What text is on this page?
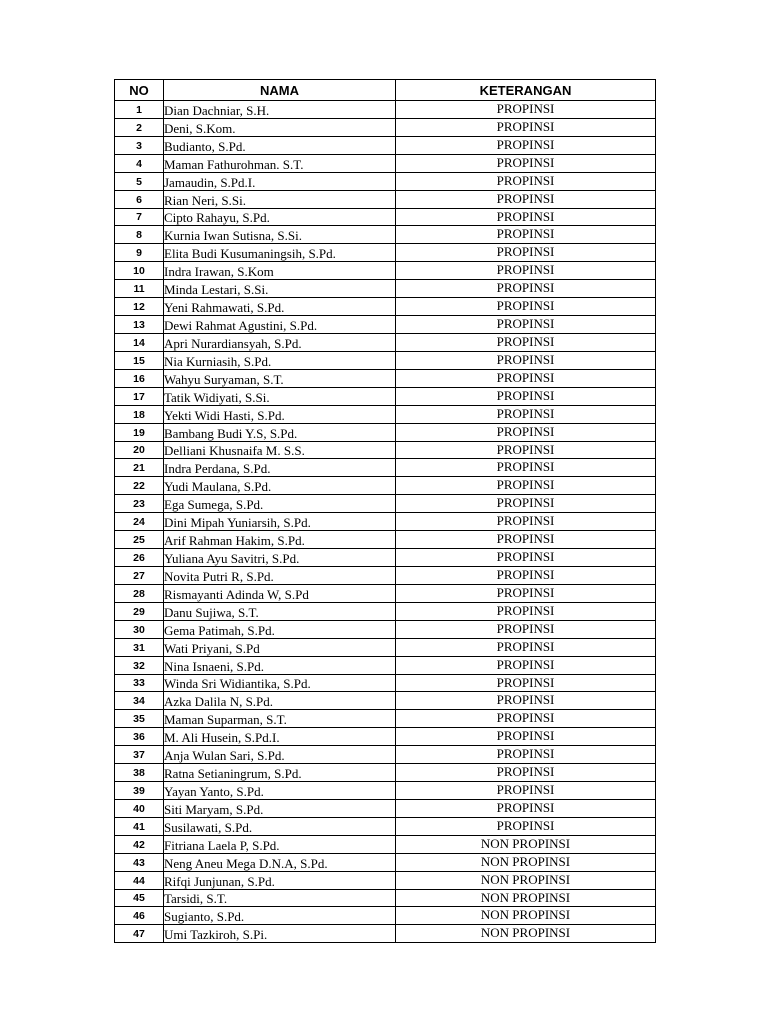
NO	NAMA	KETERANGAN
1	Dian Dachniar, S.H.	PROPINSI
2	Deni, S.Kom.	PROPINSI
3	Budianto, S.Pd.	PROPINSI
4	Maman Fathurohman. S.T.	PROPINSI
5	Jamaudin, S.Pd.I.	PROPINSI
6	Rian Neri, S.Si.	PROPINSI
7	Cipto Rahayu, S.Pd.	PROPINSI
8	Kurnia Iwan Sutisna, S.Si.	PROPINSI
9	Elita Budi Kusumaningsih, S.Pd.	PROPINSI
10	Indra Irawan, S.Kom	PROPINSI
11	Minda Lestari, S.Si.	PROPINSI
12	Yeni Rahmawati, S.Pd.	PROPINSI
13	Dewi Rahmat Agustini, S.Pd.	PROPINSI
14	Apri Nurardiansyah, S.Pd.	PROPINSI
15	Nia Kurniasih, S.Pd.	PROPINSI
16	Wahyu Suryaman, S.T.	PROPINSI
17	Tatik Widiyati, S.Si.	PROPINSI
18	Yekti Widi Hasti, S.Pd.	PROPINSI
19	Bambang Budi Y.S, S.Pd.	PROPINSI
20	Delliani Khusnaifa M. S.S.	PROPINSI
21	Indra Perdana, S.Pd.	PROPINSI
22	Yudi Maulana, S.Pd.	PROPINSI
23	Ega Sumega, S.Pd.	PROPINSI
24	Dini Mipah Yuniarsih, S.Pd.	PROPINSI
25	Arif Rahman Hakim, S.Pd.	PROPINSI
26	Yuliana Ayu Savitri, S.Pd.	PROPINSI
27	Novita Putri R, S.Pd.	PROPINSI
28	Rismayanti Adinda W, S.Pd	PROPINSI
29	Danu Sujiwa, S.T.	PROPINSI
30	Gema Patimah, S.Pd.	PROPINSI
31	Wati Priyani, S.Pd	PROPINSI
32	Nina Isnaeni, S.Pd.	PROPINSI
33	Winda Sri Widiantika, S.Pd.	PROPINSI
34	Azka Dalila N, S.Pd.	PROPINSI
35	Maman Suparman, S.T.	PROPINSI
36	M. Ali Husein, S.Pd.I.	PROPINSI
37	Anja Wulan Sari, S.Pd.	PROPINSI
38	Ratna Setianingrum, S.Pd.	PROPINSI
39	Yayan Yanto, S.Pd.	PROPINSI
40	Siti Maryam, S.Pd.	PROPINSI
41	Susilawati, S.Pd.	PROPINSI
42	Fitriana Laela P, S.Pd.	NON PROPINSI
43	Neng Aneu Mega D.N.A, S.Pd.	NON PROPINSI
44	Rifqi Junjunan, S.Pd.	NON PROPINSI
45	Tarsidi, S.T.	NON PROPINSI
46	Sugianto, S.Pd.	NON PROPINSI
47	Umi Tazkiroh, S.Pi.	NON PROPINSI
